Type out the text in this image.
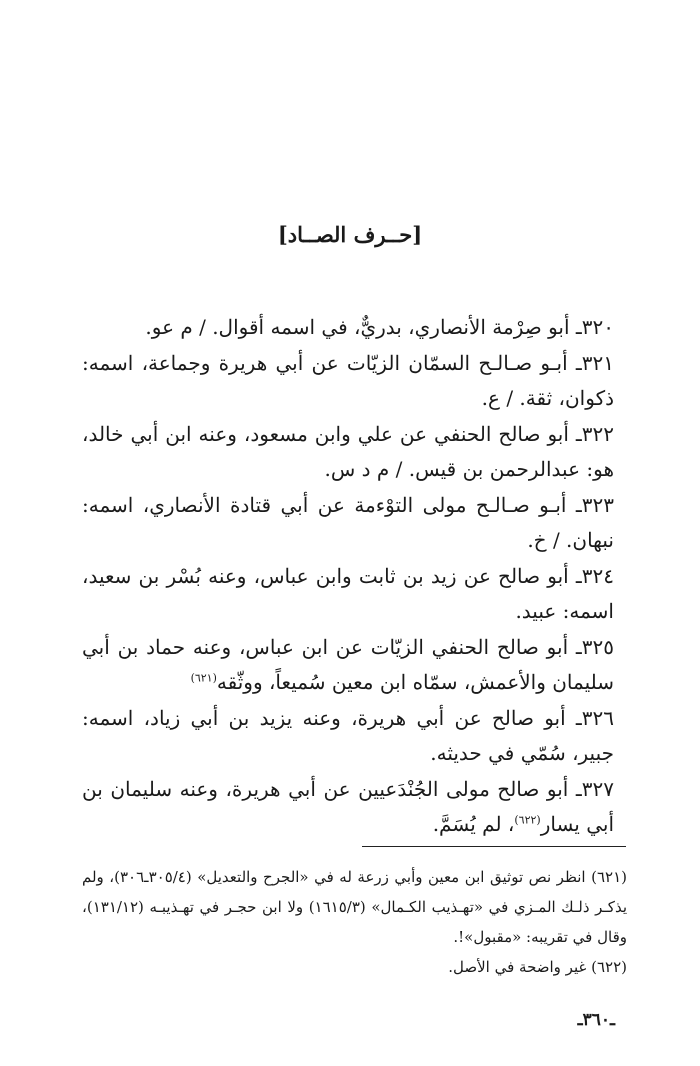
[حــرف الصــاد]

٣٢٠ـ أبو صِرْمة الأنصاري، بدريٌّ، في اسمه أقوال. / م عو.

٣٢١ـ أبـو صـالـح السمّان الزيّات عن أبي هريرة وجماعة، اسمه: ذكوان، ثقة. / ع.

٣٢٢ـ أبو صالح الحنفي عن علي وابن مسعود، وعنه ابن أبي خالد، هو: عبدالرحمن بن قيس. / م د س.

٣٢٣ـ أبـو صـالـح مولى التوْءمة عن أبي قتادة الأنصاري، اسمه: نبهان. / خ.

٣٢٤ـ أبو صالح عن زيد بن ثابت وابن عباس، وعنه بُسْر بن سعيد، اسمه: عبيد.

٣٢٥ـ أبو صالح الحنفي الزيّات عن ابن عباس، وعنه حماد بن أبي سليمان والأعمش، سمّاه ابن معين سُميعاً، ووثّقه$^{(٦٢١)}$

٣٢٦ـ أبو صالح عن أبي هريرة، وعنه يزيد بن أبي زياد، اسمه: جبير، سُمّي في حديثه.

٣٢٧ـ أبو صالح مولى الجُنْدَعيين عن أبي هريرة، وعنه سليمان بن أبي يسار$^{(٦٢٢)}$، لم يُسَمَّ.

(٦٢١) انظر نص توثيق ابن معين وأبي زرعة له في «الجرح والتعديل» (٣٠٥/٤ـ٣٠٦)، ولم يذكـر ذلـك المـزي في «تهـذيب الكـمال» (١٦١٥/٣) ولا ابن حجـر في تهـذيبـه (١٣١/١٢)، وقال في تقريبه: «مقبول»!.

(٦٢٢) غير واضحة في الأصل.

ـ٣٦٠ـ
